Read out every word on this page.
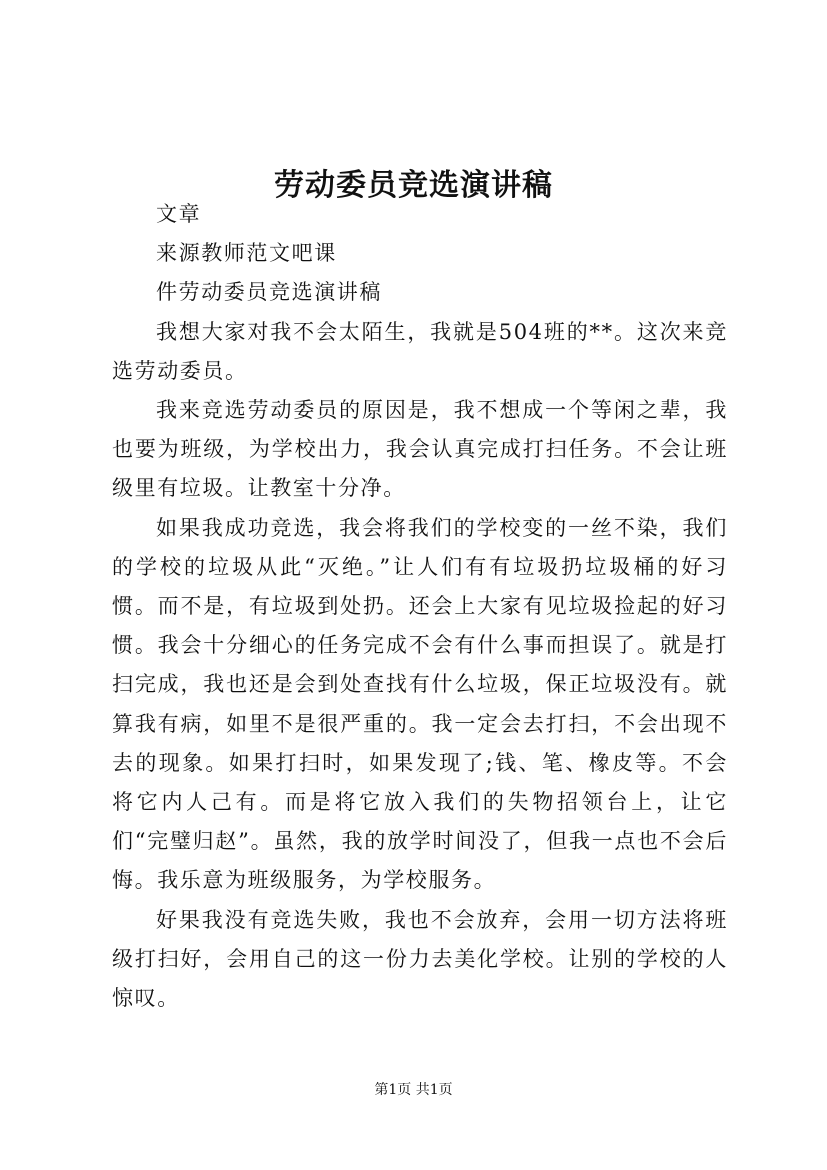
劳动委员竞选演讲稿

文章

来源教师范文吧课

件劳动委员竞选演讲稿

我想大家对我不会太陌生，我就是504班的**。这次来竞选劳动委员。

我来竞选劳动委员的原因是，我不想成一个等闲之辈，我也要为班级，为学校出力，我会认真完成打扫任务。不会让班级里有垃圾。让教室十分净。

如果我成功竞选，我会将我们的学校变的一丝不染，我们的学校的垃圾从此“灭绝。”让人们有有垃圾扔垃圾桶的好习惯。而不是，有垃圾到处扔。还会上大家有见垃圾捡起的好习惯。我会十分细心的任务完成不会有什么事而担误了。就是打扫完成，我也还是会到处查找有什么垃圾，保正垃圾没有。就算我有病，如里不是很严重的。我一定会去打扫，不会出现不去的现象。如果打扫时，如果发现了;钱、笔、橡皮等。不会将它内人己有。而是将它放入我们的失物招领台上，让它们“完璧归赵”。虽然，我的放学时间没了，但我一点也不会后悔。我乐意为班级服务，为学校服务。

好果我没有竞选失败，我也不会放弃，会用一切方法将班级打扫好，会用自己的这一份力去美化学校。让别的学校的人惊叹。

第1页 共1页
